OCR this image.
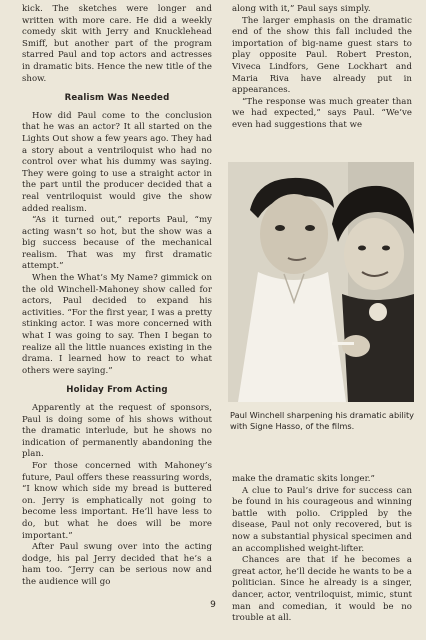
kick. The sketches were longer and written with more care. He did a weekly comedy skit with Jerry and Knucklehead Smiff, but another part of the program starred Paul and top actors and actresses in dramatic bits. Hence the new title of the show.

Realism Was Needed

How did Paul come to the conclusion that he was an actor? It all started on the Lights Out show a few years ago. They had a story about a ventriloquist who had no control over what his dummy was saying. They were going to use a straight actor in the part until the producer decided that a real ventriloquist would give the show added realism.

“As it turned out,” reports Paul, “my acting wasn’t so hot, but the show was a big success because of the mechanical realism. That was my first dramatic attempt.”

When the What’s My Name? gimmick on the old Winchell-Mahoney show called for actors, Paul decided to expand his activities. “For the first year, I was a pretty stinking actor. I was more concerned with what I was going to say. Then I began to realize all the little nuances existing in the drama. I learned how to react to what others were saying.”

Holiday From Acting

Apparently at the request of sponsors, Paul is doing some of his shows without the dramatic interlude, but he shows no indication of permanently abandoning the plan.

For those concerned with Mahoney’s future, Paul offers these reassuring words, “I know which side my bread is buttered on. Jerry is emphatically not going to become less important. He’ll have less to do, but what he does will be more important.”

After Paul swung over into the acting dodge, his pal Jerry decided that he’s a ham too. “Jerry can be serious now and the audience will go

along with it,” Paul says simply.

The larger emphasis on the dramatic end of the show this fall included the importation of big-name guest stars to play opposite Paul. Robert Preston, Viveca Lindfors, Gene Lockhart and Maria Riva have already put in appearances.

“The response was much greater than we had expected,” says Paul. “We’ve even had suggestions that we

Paul Winchell sharpening his dramatic ability with Signe Hasso, of the films.

make the dramatic skits longer.”

A clue to Paul’s drive for success can be found in his courageous and winning battle with polio. Crippled by the disease, Paul not only recovered, but is now a substantial physical specimen and an accomplished weight-lifter.

Chances are that if he becomes a great actor, he’ll decide he wants to be a politician. Since he already is a singer, dancer, actor, ventriloquist, mimic, stunt man and comedian, it would be no trouble at all.

9
